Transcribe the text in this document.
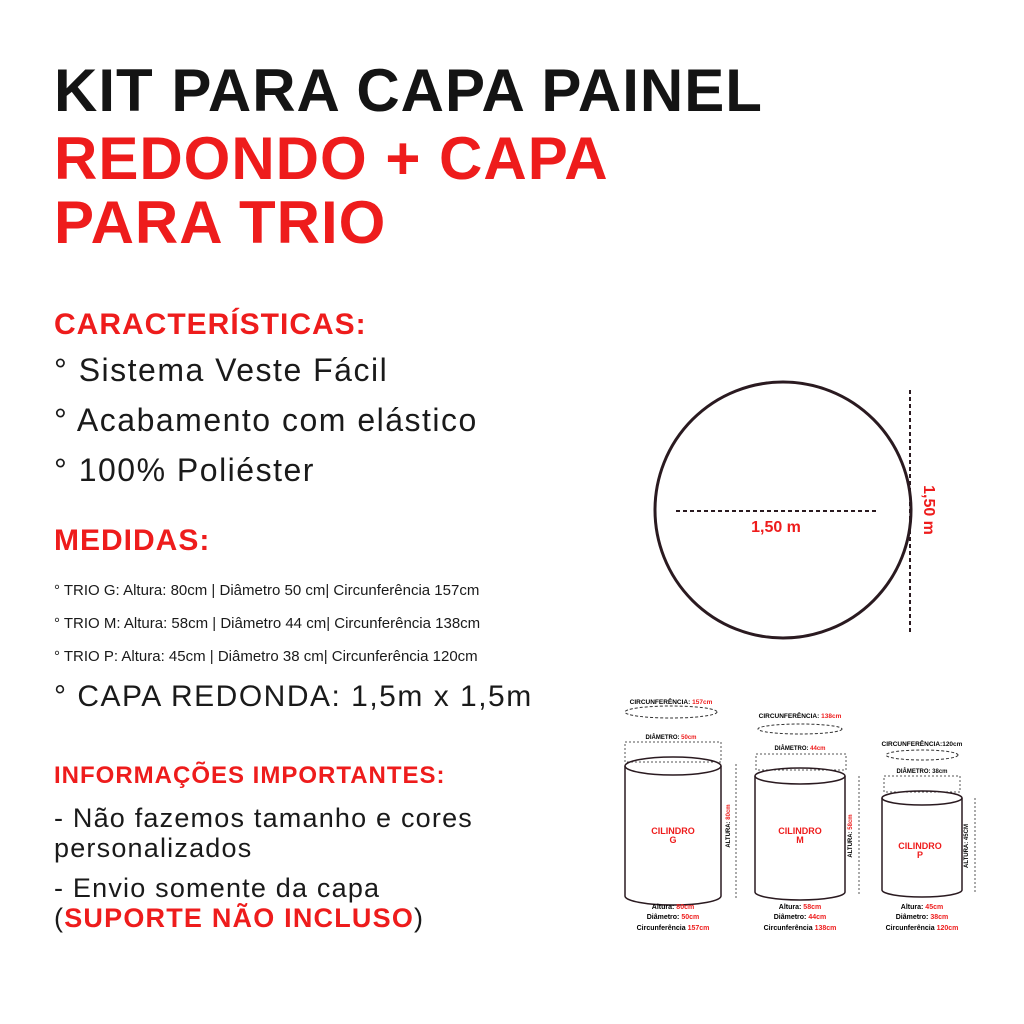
KIT PARA CAPA PAINEL
REDONDO + CAPA
PARA TRIO
CARACTERÍSTICAS:
° Sistema Veste Fácil
° Acabamento com elástico
° 100% Poliéster
MEDIDAS:
° TRIO G: Altura: 80cm | Diâmetro 50 cm| Circunferência 157cm
° TRIO M: Altura: 58cm | Diâmetro 44 cm| Circunferência 138cm
° TRIO P: Altura: 45cm | Diâmetro 38 cm| Circunferência 120cm
° CAPA REDONDA: 1,5m x 1,5m
INFORMAÇÕES IMPORTANTES:
- Não fazemos tamanho e cores
personalizados
- Envio somente da capa
(SUPORTE NÃO INCLUSO)
1,50 m	1,50 m
CIRCUNFERÊNCIA: 157cm
DIÂMETRO: 50cm
CILINDRO
G	ALTURA: 80cm
Altura: 80cm
Diâmetro: 50cm
Circunferência 157cm
CIRCUNFERÊNCIA: 138cm
DIÂMETRO: 44cm
CILINDRO
M	ALTURA: 58cm
Altura: 58cm
Diâmetro: 44cm
Circunferência 138cm
CIRCUNFERÊNCIA:120cm
DIÂMETRO: 38cm
CILINDRO
P	ALTURA: 45CM
Altura: 45cm
Diâmetro: 38cm
Circunferência 120cm
